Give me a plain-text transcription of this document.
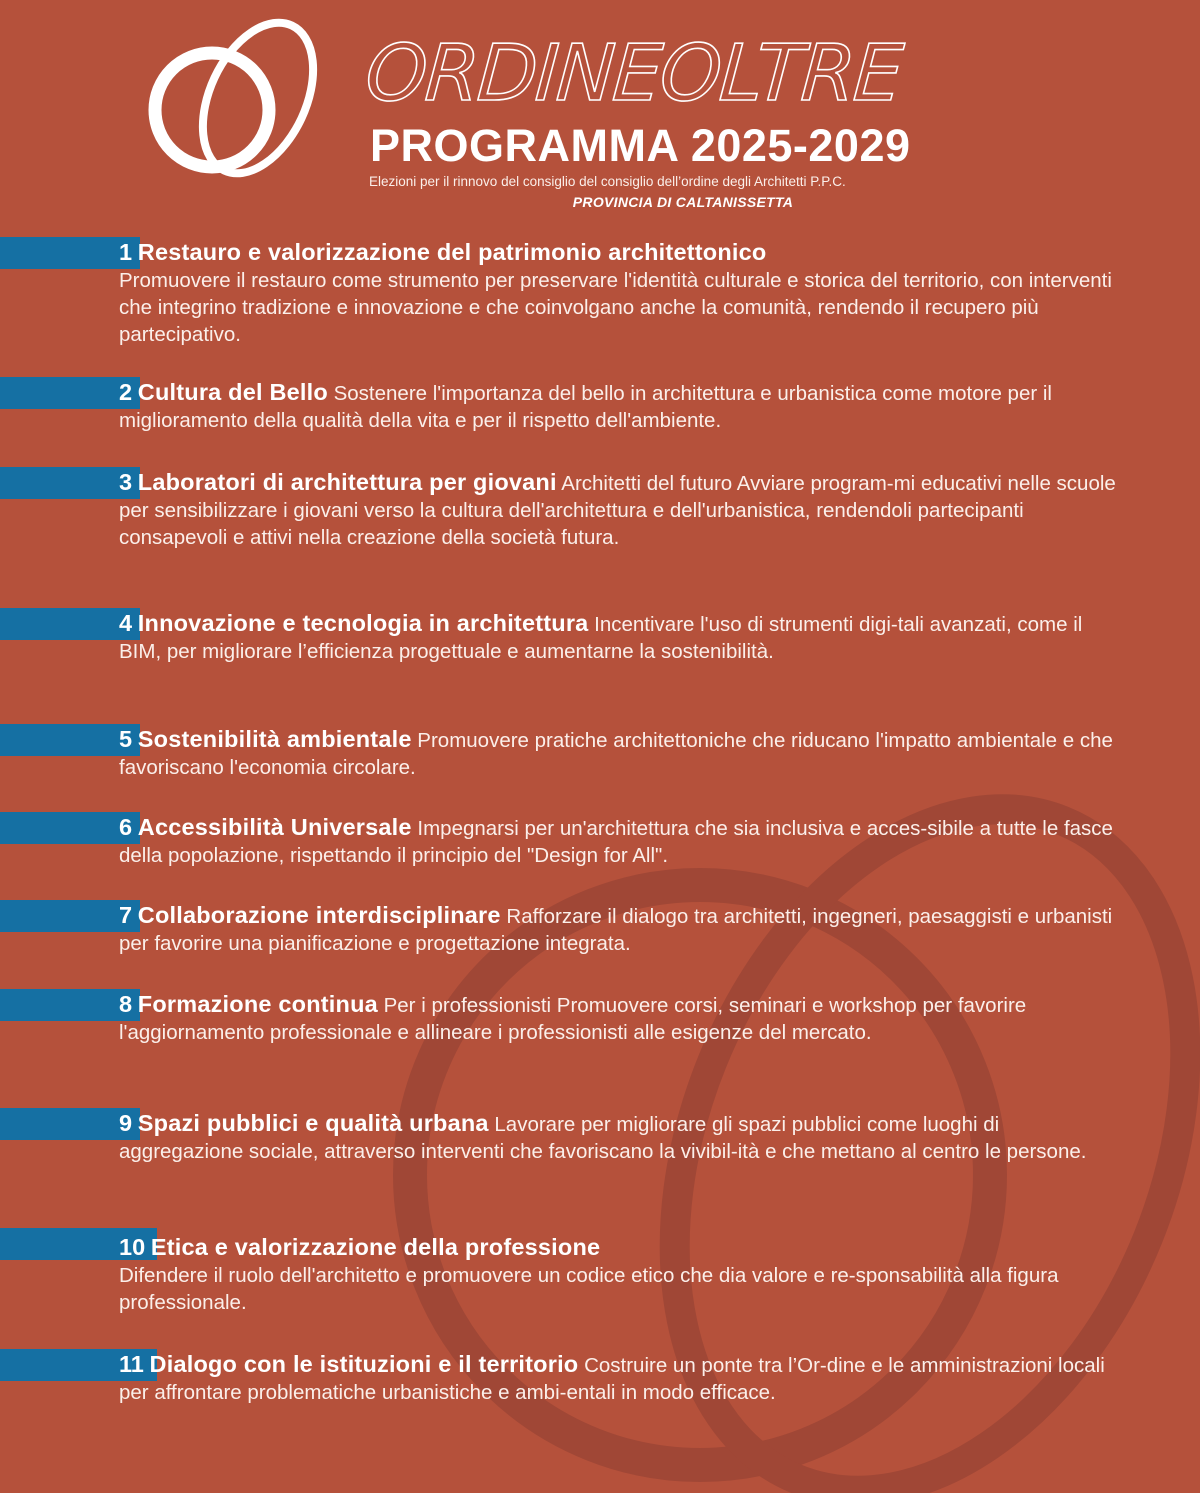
ORDINEOLTRE
PROGRAMMA 2025-2029
Elezioni per il rinnovo del consiglio del consiglio dell’ordine degli Architetti P.P.C.
PROVINCIA DI CALTANISSETTA
1 Restauro e valorizzazione del patrimonio architettonico
Promuovere il restauro come strumento per preservare l'identità culturale e storica del territorio, con interventi che integrino tradizione e innovazione e che coinvolgano anche la comunità, rendendo il recupero più partecipativo.
2 Cultura del Bello Sostenere l'importanza del bello in architettura e urbanistica come motore per il miglioramento della qualità della vita e per il rispetto dell'ambiente.
3 Laboratori di architettura per giovani Architetti del futuro Avviare program-mi educativi nelle scuole per sensibilizzare i giovani verso la cultura dell'architettura e dell'urbanistica, rendendoli partecipanti consapevoli e attivi nella creazione della società futura.
4 Innovazione e tecnologia in architettura Incentivare l'uso di strumenti digi-tali avanzati, come il BIM, per migliorare l’efficienza progettuale e aumentarne la sostenibilità.
5 Sostenibilità ambientale Promuovere pratiche architettoniche che riducano l'impatto ambientale e che favoriscano l'economia circolare.
6 Accessibilità Universale Impegnarsi per un'architettura che sia inclusiva e acces-sibile a tutte le fasce della popolazione, rispettando il principio del "Design for All".
7 Collaborazione interdisciplinare Rafforzare il dialogo tra architetti, ingegneri, paesaggisti e urbanisti per favorire una pianificazione e progettazione integrata.
8 Formazione continua Per i professionisti Promuovere corsi, seminari e workshop per favorire l'aggiornamento professionale e allineare i professionisti alle esigenze del mercato.
9 Spazi pubblici e qualità urbana Lavorare per migliorare gli spazi pubblici come luoghi di aggregazione sociale, attraverso interventi che favoriscano la vivibil-ità e che mettano al centro le persone.
10 Etica e valorizzazione della professione
Difendere il ruolo dell'architetto e promuovere un codice etico che dia valore e re-sponsabilità alla figura professionale.
11 Dialogo con le istituzioni e il territorio Costruire un ponte tra l’Or-dine e le amministrazioni locali per affrontare problematiche urbanistiche e ambi-entali in modo efficace.
